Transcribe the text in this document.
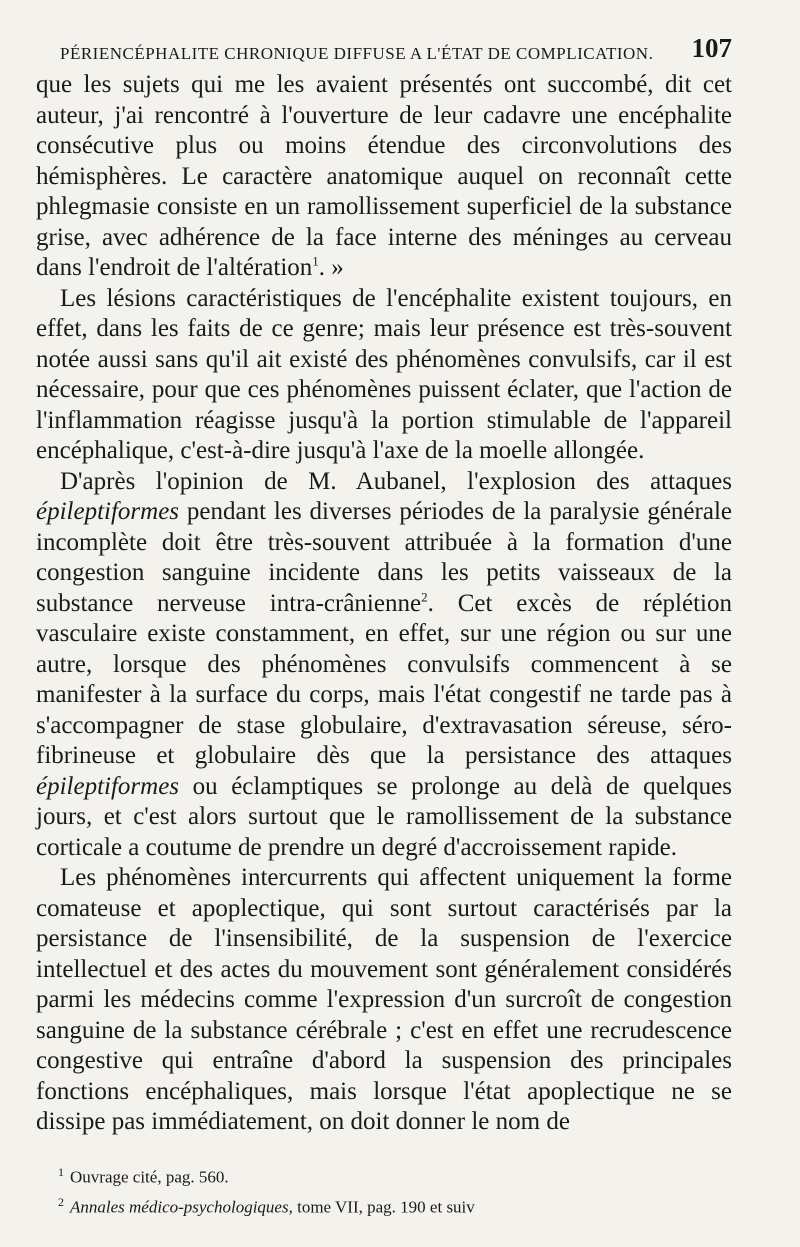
PÉRIENCÉPHALITE CHRONIQUE DIFFUSE A L'ÉTAT DE COMPLICATION. 107

que les sujets qui me les avaient présentés ont succombé, dit cet auteur, j'ai rencontré à l'ouverture de leur cadavre une encéphalite consécutive plus ou moins étendue des circonvolutions des hémisphères. Le caractère anatomique auquel on reconnaît cette phlegmasie consiste en un ramollissement superficiel de la substance grise, avec adhérence de la face interne des méninges au cerveau dans l'endroit de l'altération$^1$. »

Les lésions caractéristiques de l'encéphalite existent toujours, en effet, dans les faits de ce genre; mais leur présence est très-souvent notée aussi sans qu'il ait existé des phénomènes convulsifs, car il est nécessaire, pour que ces phénomènes puissent éclater, que l'action de l'inflammation réagisse jusqu'à la portion stimulable de l'appareil encéphalique, c'est-à-dire jusqu'à l'axe de la moelle allongée.

D'après l'opinion de M. Aubanel, l'explosion des attaques épileptiformes pendant les diverses périodes de la paralysie générale incomplète doit être très-souvent attribuée à la formation d'une congestion sanguine incidente dans les petits vaisseaux de la substance nerveuse intra-crânienne$^2$. Cet excès de réplétion vasculaire existe constamment, en effet, sur une région ou sur une autre, lorsque des phénomènes convulsifs commencent à se manifester à la surface du corps, mais l'état congestif ne tarde pas à s'accompagner de stase globulaire, d'extravasation séreuse, séro-fibrineuse et globulaire dès que la persistance des attaques épileptiformes ou éclamptiques se prolonge au delà de quelques jours, et c'est alors surtout que le ramollissement de la substance corticale a coutume de prendre un degré d'accroissement rapide.

Les phénomènes intercurrents qui affectent uniquement la forme comateuse et apoplectique, qui sont surtout caractérisés par la persistance de l'insensibilité, de la suspension de l'exercice intellectuel et des actes du mouvement sont généralement considérés parmi les médecins comme l'expression d'un surcroît de congestion sanguine de la substance cérébrale ; c'est en effet une recrudescence congestive qui entraîne d'abord la suspension des principales fonctions encéphaliques, mais lorsque l'état apoplectique ne se dissipe pas immédiatement, on doit donner le nom de

$^1$ Ouvrage cité, pag. 560.

$^2$ Annales médico-psychologiques, tome VII, pag. 190 et suiv
